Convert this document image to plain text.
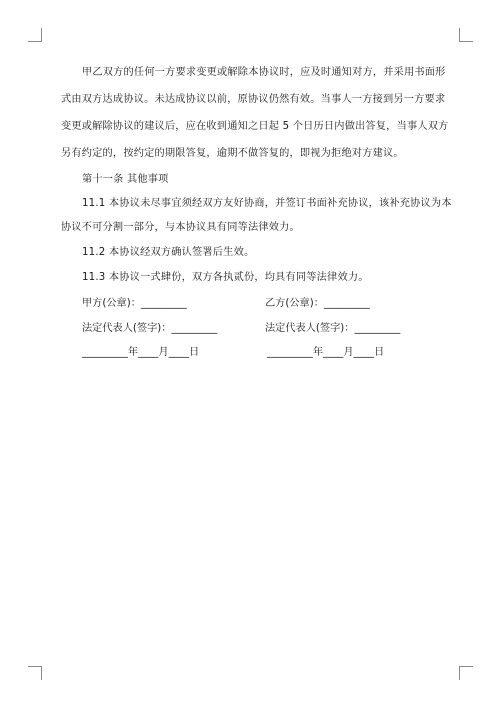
甲乙双方的任何一方要求变更或解除本协议时，应及时通知对方，并采用书面形
式由双方达成协议。未达成协议以前，原协议仍然有效。当事人一方接到另一方要求
变更或解除协议的建议后，应在收到通知之日起 5 个日历日内做出答复，当事人双方
另有约定的，按约定的期限答复，逾期不做答复的，即视为拒绝对方建议。
第十一条 其他事项
11.1 本协议未尽事宜须经双方友好协商，并签订书面补充协议，该补充协议为本
协议不可分割一部分，与本协议具有同等法律效力。
11.2 本协议经双方确认签署后生效。
11.3 本协议一式肆份，双方各执贰份，均具有同等法律效力。
甲方(公章)：_________	乙方(公章)：_________
法定代表人(签字)：_________	法定代表人(签字)：_________
_________年____月____日	_________年____月____日
